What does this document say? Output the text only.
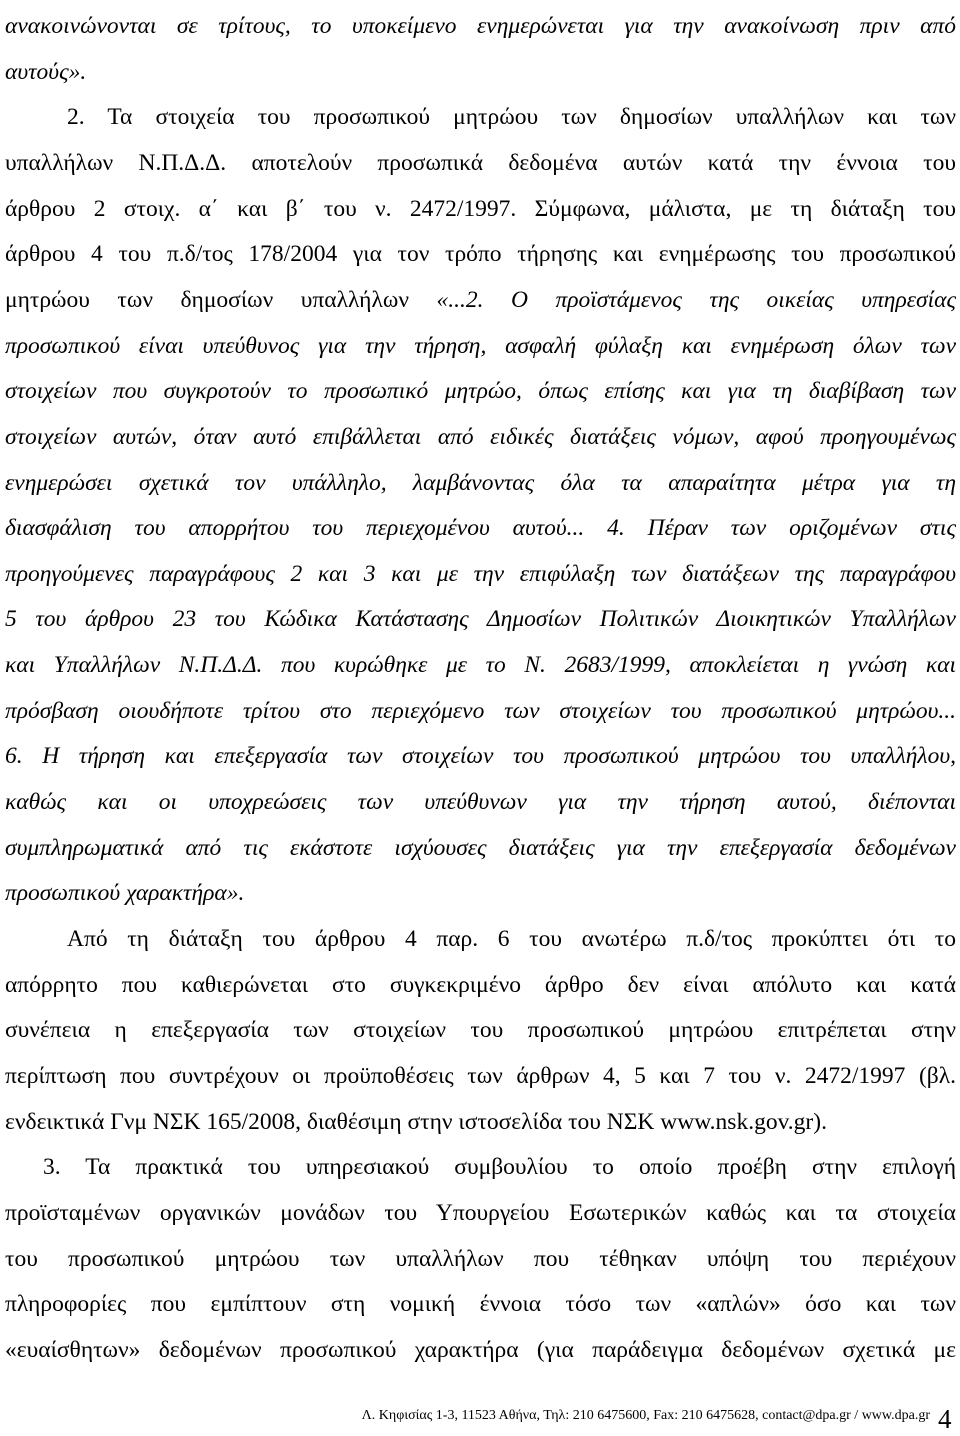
ανακοινώνονται σε τρίτους, το υποκείμενο ενημερώνεται για την ανακοίνωση πριν από
αυτούς».
2. Τα στοιχεία του προσωπικού μητρώου των δημοσίων υπαλλήλων και των
υπαλλήλων Ν.Π.Δ.Δ. αποτελούν προσωπικά δεδομένα αυτών κατά την έννοια του
άρθρου 2 στοιχ. α΄ και β΄ του ν. 2472/1997. Σύμφωνα, μάλιστα, με τη διάταξη του
άρθρου 4 του π.δ/τος 178/2004 για τον τρόπο τήρησης και ενημέρωσης του προσωπικού
μητρώου των δημοσίων υπαλλήλων «...2. Ο προϊστάμενος της οικείας υπηρεσίας
προσωπικού είναι υπεύθυνος για την τήρηση, ασφαλή φύλαξη και ενημέρωση όλων των
στοιχείων που συγκροτούν το προσωπικό μητρώο, όπως επίσης και για τη διαβίβαση των
στοιχείων αυτών, όταν αυτό επιβάλλεται από ειδικές διατάξεις νόμων, αφού προηγουμένως
ενημερώσει σχετικά τον υπάλληλο, λαμβάνοντας όλα τα απαραίτητα μέτρα για τη
διασφάλιση του απορρήτου του περιεχομένου αυτού... 4. Πέραν των οριζομένων στις
προηγούμενες παραγράφους 2 και 3 και με την επιφύλαξη των διατάξεων της παραγράφου
5 του άρθρου 23 του Κώδικα Κατάστασης Δημοσίων Πολιτικών Διοικητικών Υπαλλήλων
και Υπαλλήλων Ν.Π.Δ.Δ. που κυρώθηκε με το Ν. 2683/1999, αποκλείεται η γνώση και
πρόσβαση οιουδήποτε τρίτου στο περιεχόμενο των στοιχείων του προσωπικού μητρώου...
6. Η τήρηση και επεξεργασία των στοιχείων του προσωπικού μητρώου του υπαλλήλου,
καθώς και οι υποχρεώσεις των υπεύθυνων για την τήρηση αυτού, διέπονται
συμπληρωματικά από τις εκάστοτε ισχύουσες διατάξεις για την επεξεργασία δεδομένων
προσωπικού χαρακτήρα».
Από τη διάταξη του άρθρου 4 παρ. 6 του ανωτέρω π.δ/τος προκύπτει ότι το
απόρρητο που καθιερώνεται στο συγκεκριμένο άρθρο δεν είναι απόλυτο και κατά
συνέπεια η επεξεργασία των στοιχείων του προσωπικού μητρώου επιτρέπεται στην
περίπτωση που συντρέχουν οι προϋποθέσεις των άρθρων 4, 5 και 7 του ν. 2472/1997 (βλ.
ενδεικτικά Γνμ ΝΣΚ 165/2008, διαθέσιμη στην ιστοσελίδα του ΝΣΚ www.nsk.gov.gr).
3. Τα πρακτικά του υπηρεσιακού συμβουλίου το οποίο προέβη στην επιλογή
προϊσταμένων οργανικών μονάδων του Υπουργείου Εσωτερικών καθώς και τα στοιχεία
του προσωπικού μητρώου των υπαλλήλων που τέθηκαν υπόψη του περιέχουν
πληροφορίες που εμπίπτουν στη νομική έννοια τόσο των «απλών» όσο και των
«ευαίσθητων» δεδομένων προσωπικού χαρακτήρα (για παράδειγμα δεδομένων σχετικά με
Λ. Κηφισίας 1-3, 11523 Αθήνα, Τηλ: 210 6475600, Fax: 210 6475628, contact@dpa.gr / www.dpa.gr 4
